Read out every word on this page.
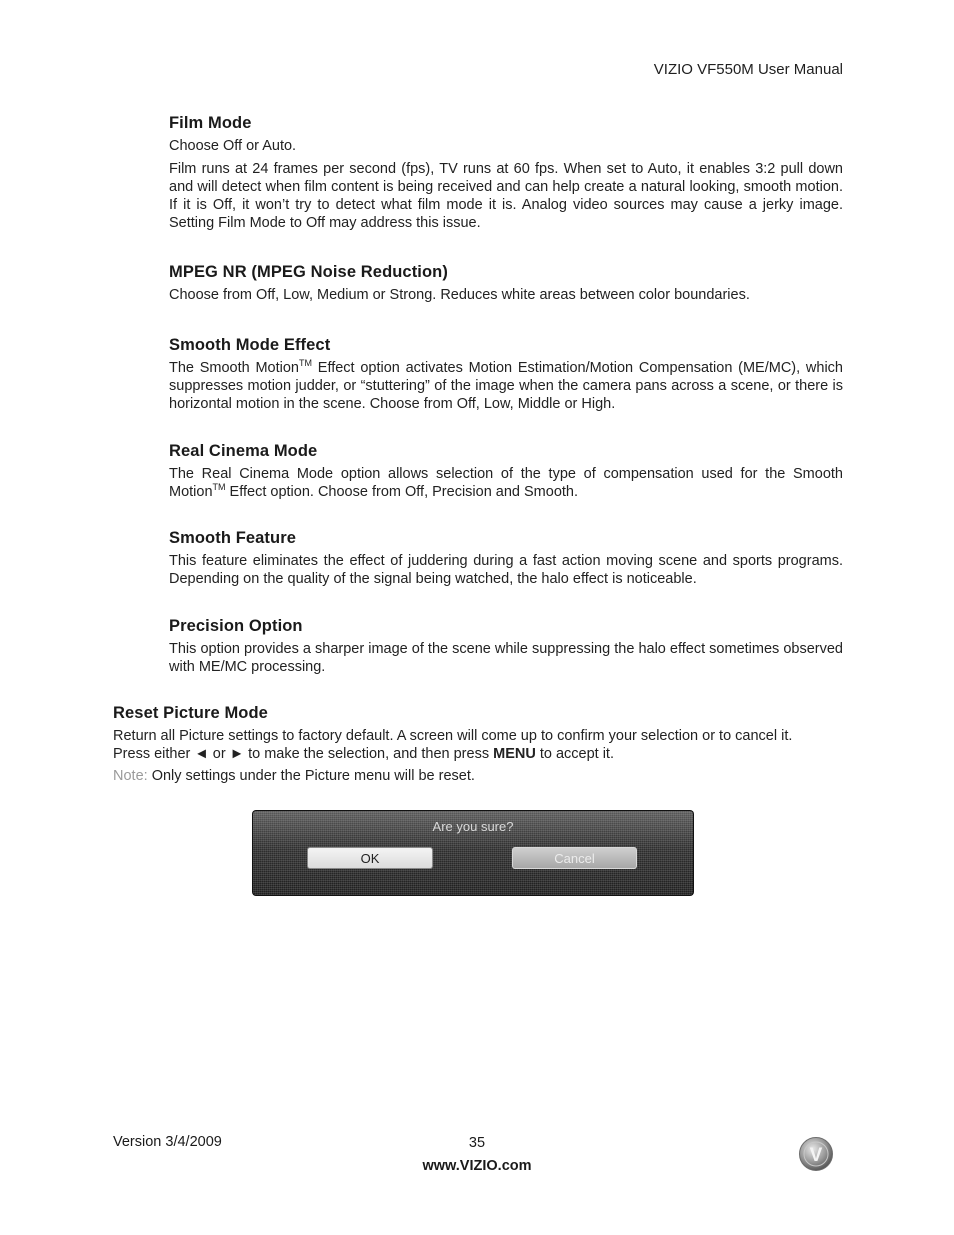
VIZIO VF550M User Manual
Film Mode

Choose Off or Auto.

Film runs at 24 frames per second (fps), TV runs at 60 fps. When set to Auto, it enables 3:2 pull down and will detect when film content is being received and can help create a natural looking, smooth motion. If it is Off, it won’t try to detect what film mode it is. Analog video sources may cause a jerky image. Setting Film Mode to Off may address this issue.

MPEG NR (MPEG Noise Reduction)

Choose from Off, Low, Medium or Strong. Reduces white areas between color boundaries.

Smooth Mode Effect

The Smooth Motion™ Effect option activates Motion Estimation/Motion Compensation (ME/MC), which suppresses motion judder, or “stuttering” of the image when the camera pans across a scene, or there is horizontal motion in the scene. Choose from Off, Low, Middle or High.

Real Cinema Mode

The Real Cinema Mode option allows selection of the type of compensation used for the Smooth Motion™ Effect option. Choose from Off, Precision and Smooth.

Smooth Feature

This feature eliminates the effect of juddering during a fast action moving scene and sports programs. Depending on the quality of the signal being watched, the halo effect is noticeable.

Precision Option

This option provides a sharper image of the scene while suppressing the halo effect sometimes observed with ME/MC processing.

Reset Picture Mode

Return all Picture settings to factory default. A screen will come up to confirm your selection or to cancel it.

Press either ◄ or ► to make the selection, and then press MENU to accept it.

Note: Only settings under the Picture menu will be reset.

Are you sure?
OK	Cancel
Version 3/4/2009	35
www.VIZIO.com	V
